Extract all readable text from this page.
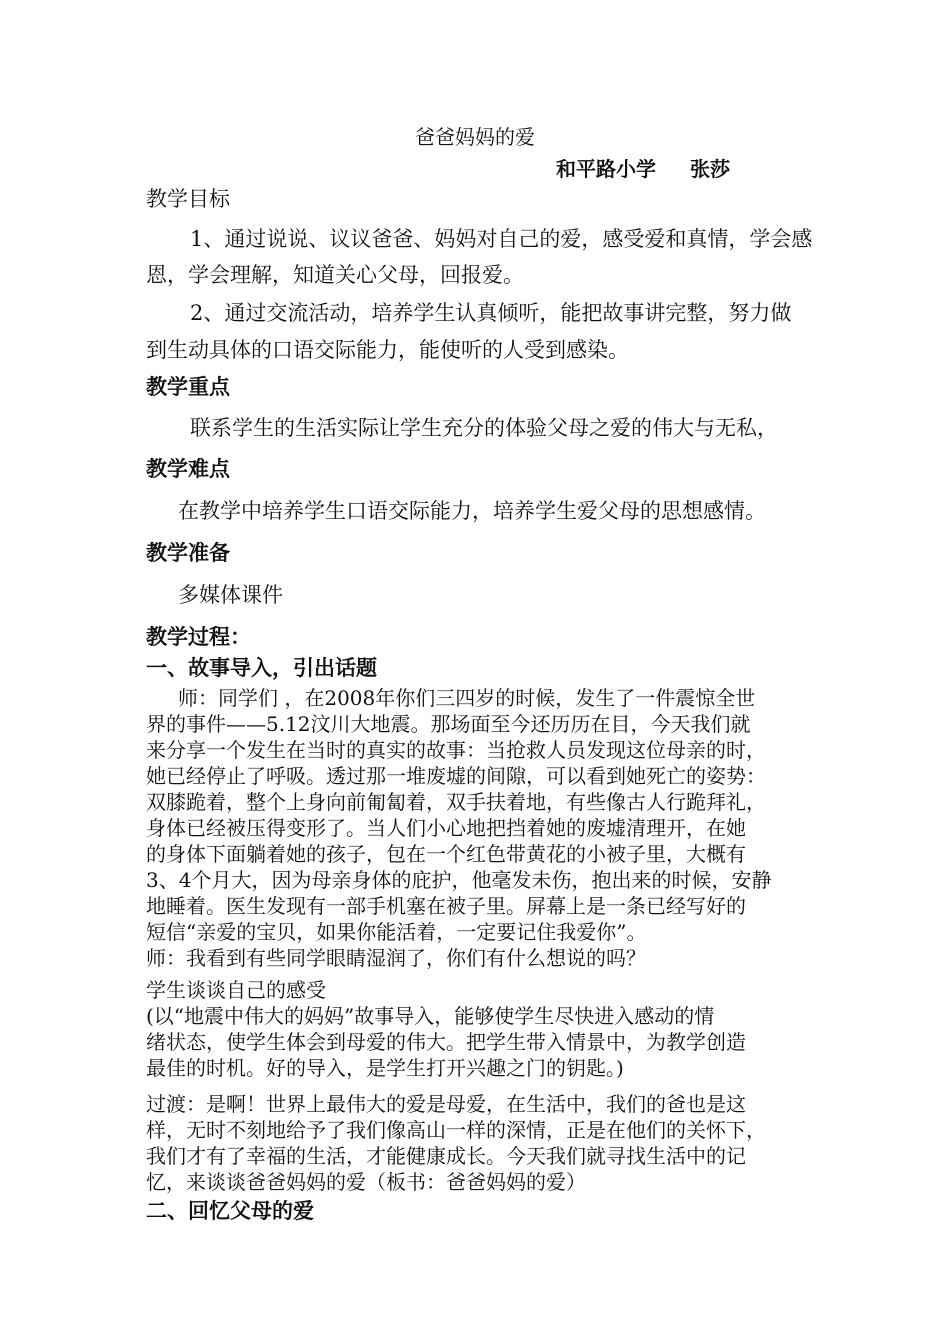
爸爸妈妈的爱
和平路小学 张莎
教学目标
1、通过说说、议议爸爸、妈妈对自己的爱，感受爱和真情，学会感
恩，学会理解，知道关心父母，回报爱。
2、通过交流活动，培养学生认真倾听，能把故事讲完整，努力做
到生动具体的口语交际能力，能使听的人受到感染。
教学重点
联系学生的生活实际让学生充分的体验父母之爱的伟大与无私，
教学难点
在教学中培养学生口语交际能力，培养学生爱父母的思想感情。
教学准备
多媒体课件
教学过程：
一、故事导入，引出话题
师：同学们 ，在2008年你们三四岁的时候，发生了一件震惊全世
界的事件——5.12汶川大地震。那场面至今还历历在目，今天我们就
来分享一个发生在当时的真实的故事：当抢救人员发现这位母亲的时，
她已经停止了呼吸。透过那一堆废墟的间隙，可以看到她死亡的姿势：
双膝跪着，整个上身向前匍匐着，双手扶着地，有些像古人行跪拜礼，
身体已经被压得变形了。当人们小心地把挡着她的废墟清理开，在她
的身体下面躺着她的孩子，包在一个红色带黄花的小被子里，大概有
3、4个月大，因为母亲身体的庇护，他毫发未伤，抱出来的时候，安静
地睡着。医生发现有一部手机塞在被子里。屏幕上是一条已经写好的
短信“亲爱的宝贝，如果你能活着，一定要记住我爱你”。
师：我看到有些同学眼睛湿润了，你们有什么想说的吗？
学生谈谈自己的感受
(以“地震中伟大的妈妈”故事导入，能够使学生尽快进入感动的情
绪状态，使学生体会到母爱的伟大。把学生带入情景中，为教学创造
最佳的时机。好的导入，是学生打开兴趣之门的钥匙。)
过渡：是啊！世界上最伟大的爱是母爱，在生活中，我们的爸也是这
样，无时不刻地给予了我们像高山一样的深情，正是在他们的关怀下，
我们才有了幸福的生活，才能健康成长。今天我们就寻找生活中的记
忆，来谈谈爸爸妈妈的爱（板书：爸爸妈妈的爱）
二、回忆父母的爱
